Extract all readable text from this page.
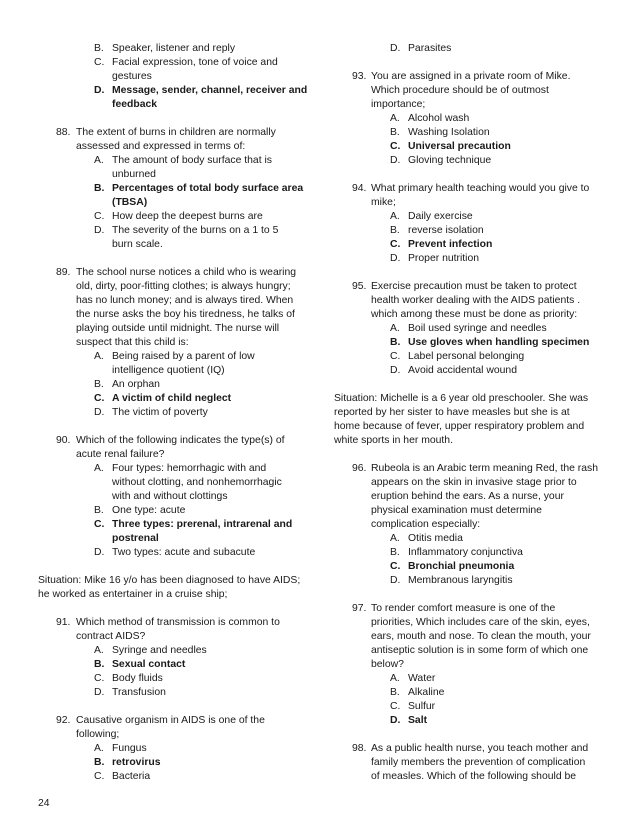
B. Speaker, listener and reply
C. Facial expression, tone of voice and
gestures
D. Message, sender, channel, receiver and
feedback
88. The extent of burns in children are normally
assessed and expressed in terms of:
A. The amount of body surface that is
unburned
B. Percentages of total body surface area
(TBSA)
C. How deep the deepest burns are
D. The severity of the burns on a 1 to 5
burn scale.
89. The school nurse notices a child who is wearing
old, dirty, poor-fitting clothes; is always hungry;
has no lunch money; and is always tired. When
the nurse asks the boy his tiredness, he talks of
playing outside until midnight. The nurse will
suspect that this child is:
A. Being raised by a parent of low
intelligence quotient (IQ)
B. An orphan
C. A victim of child neglect
D. The victim of poverty
90. Which of the following indicates the type(s) of
acute renal failure?
A. Four types: hemorrhagic with and
without clotting, and nonhemorrhagic
with and without clottings
B. One type: acute
C. Three types: prerenal, intrarenal and
postrenal
D. Two types: acute and subacute
Situation: Mike 16 y/o has been diagnosed to have AIDS;
he worked as entertainer in a cruise ship;
91. Which method of transmission is common to
contract AIDS?
A. Syringe and needles
B. Sexual contact
C. Body fluids
D. Transfusion
92. Causative organism in AIDS is one of the
following;
A. Fungus
B. retrovirus
C. Bacteria
D. Parasites
93. You are assigned in a private room of Mike.
Which procedure should be of outmost
importance;
A. Alcohol wash
B. Washing Isolation
C. Universal precaution
D. Gloving technique
94. What primary health teaching would you give to
mike;
A. Daily exercise
B. reverse isolation
C. Prevent infection
D. Proper nutrition
95. Exercise precaution must be taken to protect
health worker dealing with the AIDS patients .
which among these must be done as priority:
A. Boil used syringe and needles
B. Use gloves when handling specimen
C. Label personal belonging
D. Avoid accidental wound
Situation: Michelle is a 6 year old preschooler. She was
reported by her sister to have measles but she is at
home because of fever, upper respiratory problem and
white sports in her mouth.
96. Rubeola is an Arabic term meaning Red, the rash
appears on the skin in invasive stage prior to
eruption behind the ears. As a nurse, your
physical examination must determine
complication especially:
A. Otitis media
B. Inflammatory conjunctiva
C. Bronchial pneumonia
D. Membranous laryngitis
97. To render comfort measure is one of the
priorities, Which includes care of the skin, eyes,
ears, mouth and nose. To clean the mouth, your
antiseptic solution is in some form of which one
below?
A. Water
B. Alkaline
C. Sulfur
D. Salt
98. As a public health nurse, you teach mother and
family members the prevention of complication
of measles. Which of the following should be
24
